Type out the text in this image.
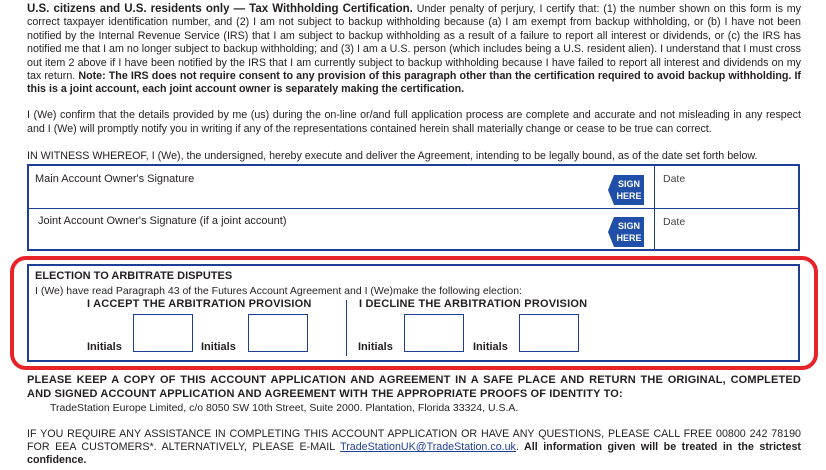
U.S. citizens and U.S. residents only — Tax Withholding Certification. Under penalty of perjury, I certify that: (1) the number shown on this form is my correct taxpayer identification number, and (2) I am not subject to backup withholding because (a) I am exempt from backup withholding, or (b) I have not been notified by the Internal Revenue Service (IRS) that I am subject to backup withholding as a result of a failure to report all interest or dividends, or (c) the IRS has notified me that I am no longer subject to backup withholding; and (3) I am a U.S. person (which includes being a U.S. resident alien). I understand that I must cross out item 2 above if I have been notified by the IRS that I am currently subject to backup withholding because I have failed to report all interest and dividends on my tax return. Note: The IRS does not require consent to any provision of this paragraph other than the certification required to avoid backup withholding. If this is a joint account, each joint account owner is separately making the certification.
I (We) confirm that the details provided by me (us) during the on-line or/and full application process are complete and accurate and not misleading in any respect and I (We) will promptly notify you in writing if any of the representations contained herein shall materially change or cease to be true can correct.
IN WITNESS WHEREOF, I (We), the undersigned, hereby execute and deliver the Agreement, intending to be legally bound, as of the date set forth below.
Main Account Owner's Signature	SIGN
HERE
Date
Joint Account Owner's Signature (if a joint account)	SIGN
HERE
Date
ELECTION TO ARBITRATE DISPUTES
I (We) have read Paragraph 43 of the Futures Account Agreement and I (We)make the following election:
I ACCEPT THE ARBITRATION PROVISION	I DECLINE THE ARBITRATION PROVISION
Initials	Initials	Initials	Initials
PLEASE KEEP A COPY OF THIS ACCOUNT APPLICATION AND AGREEMENT IN A SAFE PLACE AND RETURN THE ORIGINAL, COMPLETED AND SIGNED ACCOUNT APPLICATION AND AGREEMENT WITH THE APPROPRIATE PROOFS OF IDENTITY TO:
TradeStation Europe Limited, c/o 8050 SW 10th Street, Suite 2000. Plantation, Florida 33324, U.S.A.
IF YOU REQUIRE ANY ASSISTANCE IN COMPLETING THIS ACCOUNT APPLICATION OR HAVE ANY QUESTIONS, PLEASE CALL FREE 00800 242 78190 FOR EEA CUSTOMERS*. ALTERNATIVELY, PLEASE E-MAIL TradeStationUK@TradeStation.co.uk. All information given will be treated in the strictest confidence.
